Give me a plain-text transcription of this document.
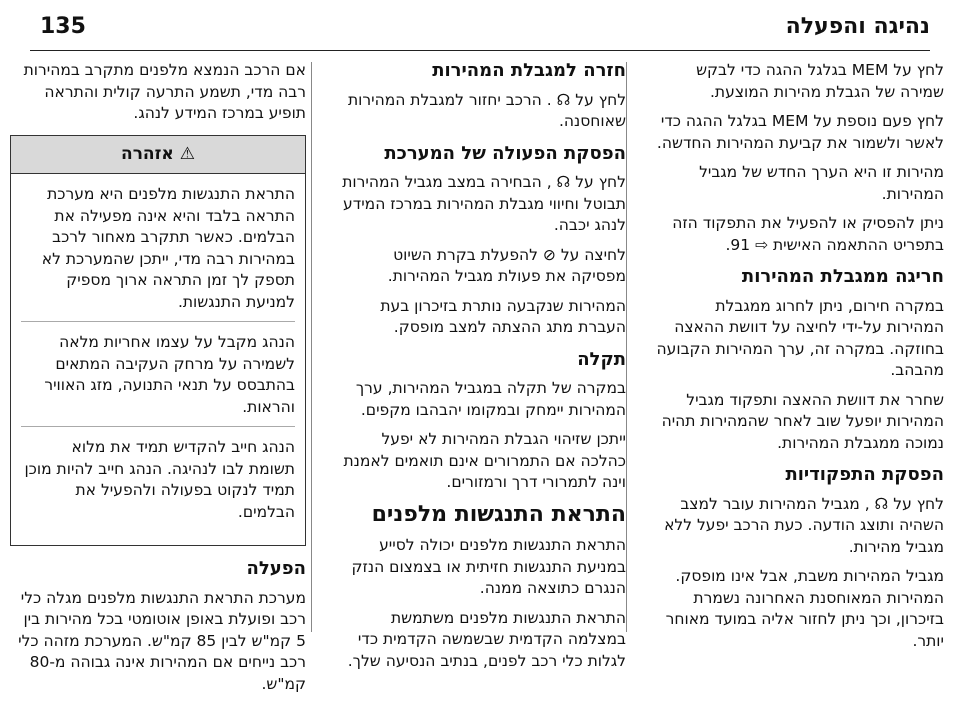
135	נהיגה והפעלה

לחץ על MEM בגלגל ההגה כדי לבקש שמירה של הגבלת מהירות המוצעת.

לחץ פעם נוספת על MEM בגלגל ההגה כדי לאשר ולשמור את קביעת המהירות החדשה.

מהירות זו היא הערך החדש של מגביל המהירות.

ניתן להפסיק או להפעיל את התפקוד הזה בתפריט ההתאמה האישית ⇨ 91.

חריגה ממגבלת המהירות

במקרה חירום, ניתן לחרוג ממגבלת המהירות על-ידי לחיצה על דוושת ההאצה בחוזקה. במקרה זה, ערך המהירות הקבועה מהבהב.

שחרר את דוושת ההאצה ותפקוד מגביל המהירות יופעל שוב לאחר שהמהירות תהיה נמוכה ממגבלת המהירות.

הפסקת התפקודיות

לחץ על ☊ , מגביל המהירות עובר למצב השהיה ותוצג הודעה. כעת הרכב יפעל ללא מגביל מהירות.

מגביל המהירות משבת, אבל אינו מופסק. המהירות המאוחסנת האחרונה נשמרת בזיכרון, וכך ניתן לחזור אליה במועד מאוחר יותר.

חזרה למגבלת המהירות

לחץ על ☊ . הרכב יחזור למגבלת המהירות שאוחסנה.

הפסקת הפעולה של המערכת

לחץ על ☊ , הבחירה במצב מגביל המהירות תבוטל וחיווי מגבלת המהירות במרכז המידע לנהג יכבה.

לחיצה על ⊘ להפעלת בקרת השיוט מפסיקה את פעולת מגביל המהירות.

המהירות שנקבעה נותרת בזיכרון בעת העברת מתג ההצתה למצב מופסק.

תקלה

במקרה של תקלה במגביל המהירות, ערך המהירות יימחק ובמקומו יהבהבו מקפים.

ייתכן שזיהוי הגבלת המהירות לא יפעל כהלכה אם התמרורים אינם תואמים לאמנת וינה לתמרורי דרך ורמזורים.

התראת התנגשות מלפנים

התראת התנגשות מלפנים יכולה לסייע במניעת התנגשות חזיתית או בצמצום הנזק הנגרם כתוצאה ממנה.

התראת התנגשות מלפנים משתמשת במצלמה הקדמית שבשמשה הקדמית כדי לגלות כלי רכב לפנים, בנתיב הנסיעה שלך.

אם הרכב הנמצא מלפנים מתקרב במהירות רבה מדי, תשמע התרעה קולית והתראה תופיע במרכז המידע לנהג.

⚠ אזהרה

התראת התנגשות מלפנים היא מערכת התראה בלבד והיא אינה מפעילה את הבלמים. כאשר תתקרב מאחור לרכב במהירות רבה מדי, ייתכן שהמערכת לא תספק לך זמן התראה ארוך מספיק למניעת התנגשות.

הנהג מקבל על עצמו אחריות מלאה לשמירה על מרחק העקיבה המתאים בהתבסס על תנאי התנועה, מזג האוויר והראות.

הנהג חייב להקדיש תמיד את מלוא תשומת לבו לנהיגה. הנהג חייב להיות מוכן תמיד לנקוט בפעולה ולהפעיל את הבלמים.

הפעלה

מערכת התראת התנגשות מלפנים מגלה כלי רכב ופועלת באופן אוטומטי בכל מהירות בין 5 קמ"ש לבין 85 קמ"ש. המערכת מזהה כלי רכב נייחים אם המהירות אינה גבוהה מ-80 קמ"ש.
